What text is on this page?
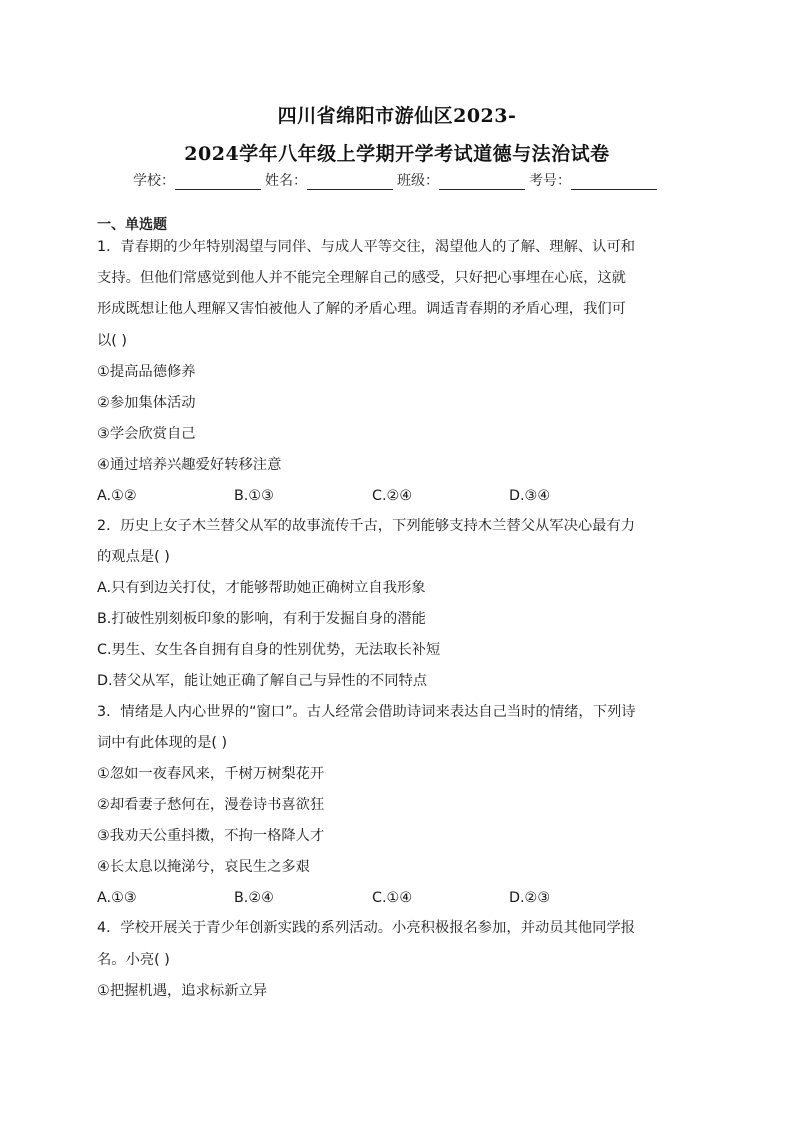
四川省绵阳市游仙区2023-
2024学年八年级上学期开学考试道德与法治试卷
学校：	姓名：	班级：	考号：
一、单选题
1．青春期的少年特别渴望与同伴、与成人平等交往，渴望他人的了解、理解、认可和
支持。但他们常感觉到他人并不能完全理解自己的感受，只好把心事埋在心底，这就
形成既想让他人理解又害怕被他人了解的矛盾心理。调适青春期的矛盾心理，我们可
以( )
①提高品德修养
②参加集体活动
③学会欣赏自己
④通过培养兴趣爱好转移注意
A.①②	B.①③	C.②④	D.③④
2．历史上女子木兰替父从军的故事流传千古，下列能够支持木兰替父从军决心最有力
的观点是( )
A.只有到边关打仗，才能够帮助她正确树立自我形象
B.打破性别刻板印象的影响，有利于发掘自身的潜能
C.男生、女生各自拥有自身的性别优势，无法取长补短
D.替父从军，能让她正确了解自己与异性的不同特点
3．情绪是人内心世界的“窗口”。古人经常会借助诗词来表达自己当时的情绪，下列诗
词中有此体现的是( )
①忽如一夜春风来，千树万树梨花开
②却看妻子愁何在，漫卷诗书喜欲狂
③我劝天公重抖擞，不拘一格降人才
④长太息以掩涕兮，哀民生之多艰
A.①③	B.②④	C.①④	D.②③
4．学校开展关于青少年创新实践的系列活动。小亮积极报名参加，并动员其他同学报
名。小亮( )
①把握机遇，追求标新立异
